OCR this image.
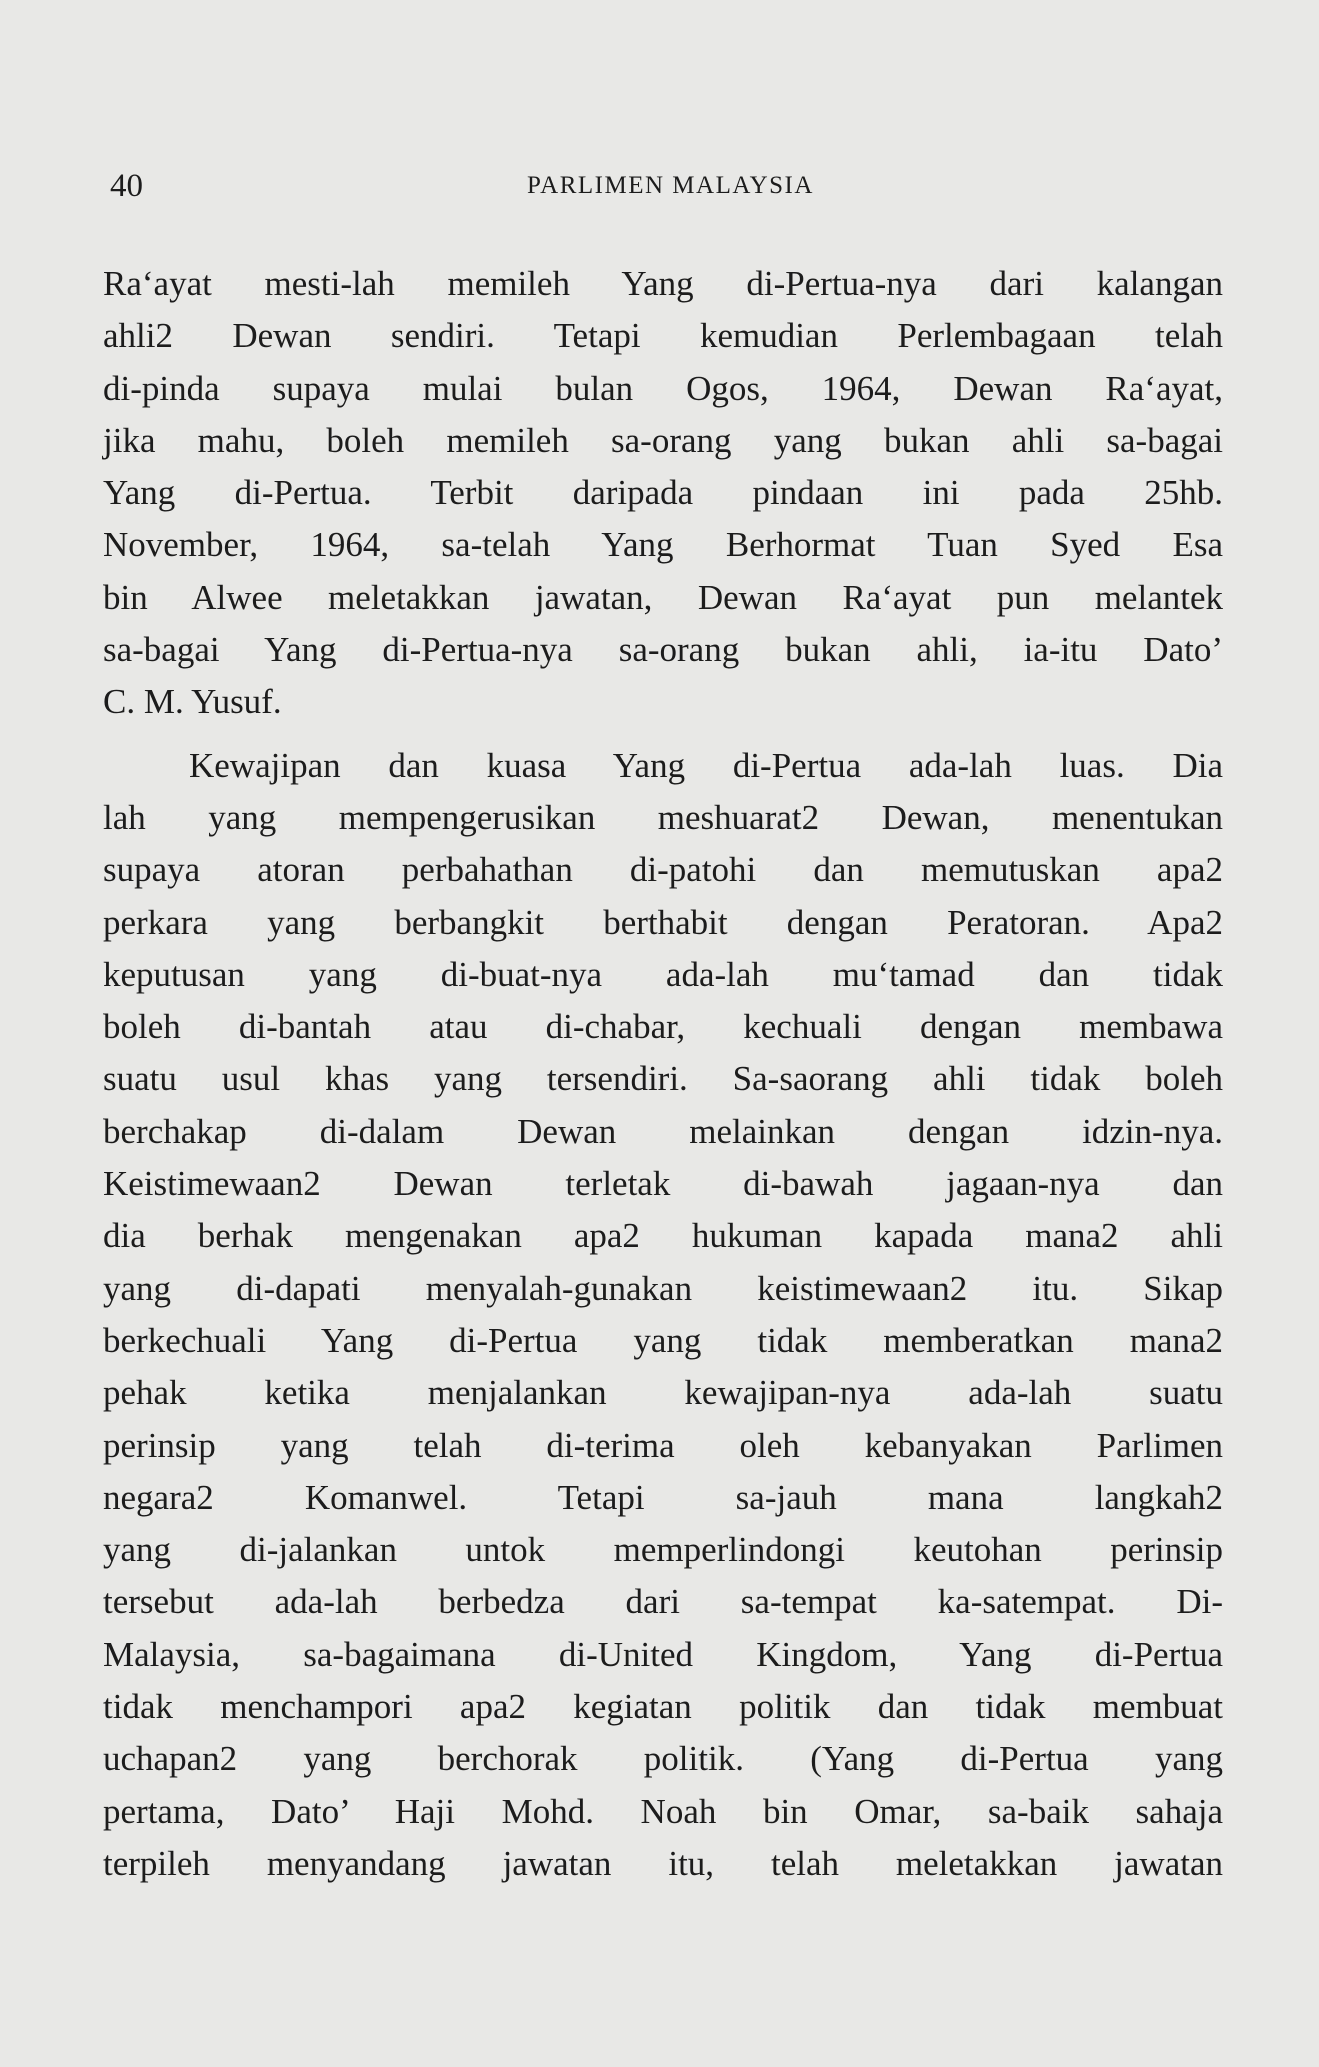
40	PARLIMEN MALAYSIA
Ra‘ayat mesti-lah memileh Yang di-Pertua-nya dari kalangan
ahli2 Dewan sendiri. Tetapi kemudian Perlembagaan telah
di-pinda supaya mulai bulan Ogos, 1964, Dewan Ra‘ayat,
jika mahu, boleh memileh sa-orang yang bukan ahli sa-bagai
Yang di-Pertua. Terbit daripada pindaan ini pada 25hb.
November, 1964, sa-telah Yang Berhormat Tuan Syed Esa
bin Alwee meletakkan jawatan, Dewan Ra‘ayat pun melantek
sa-bagai Yang di-Pertua-nya sa-orang bukan ahli, ia-itu Dato’
C. M. Yusuf.
Kewajipan dan kuasa Yang di-Pertua ada-lah luas. Dia
lah yang mempengerusikan meshuarat2 Dewan, menentukan
supaya atoran perbahathan di-patohi dan memutuskan apa2
perkara yang berbangkit berthabit dengan Peratoran. Apa2
keputusan yang di-buat-nya ada-lah mu‘tamad dan tidak
boleh di-bantah atau di-chabar, kechuali dengan membawa
suatu usul khas yang tersendiri. Sa-saorang ahli tidak boleh
berchakap di-dalam Dewan melainkan dengan idzin-nya.
Keistimewaan2 Dewan terletak di-bawah jagaan-nya dan
dia berhak mengenakan apa2 hukuman kapada mana2 ahli
yang di-dapati menyalah-gunakan keistimewaan2 itu. Sikap
berkechuali Yang di-Pertua yang tidak memberatkan mana2
pehak ketika menjalankan kewajipan-nya ada-lah suatu
perinsip yang telah di-terima oleh kebanyakan Parlimen
negara2 Komanwel. Tetapi sa-jauh mana langkah2
yang di-jalankan untok memperlindongi keutohan perinsip
tersebut ada-lah berbedza dari sa-tempat ka-satempat. Di-
Malaysia, sa-bagaimana di-United Kingdom, Yang di-Pertua
tidak menchampori apa2 kegiatan politik dan tidak membuat
uchapan2 yang berchorak politik. (Yang di-Pertua yang
pertama, Dato’ Haji Mohd. Noah bin Omar, sa-baik sahaja
terpileh menyandang jawatan itu, telah meletakkan jawatan
